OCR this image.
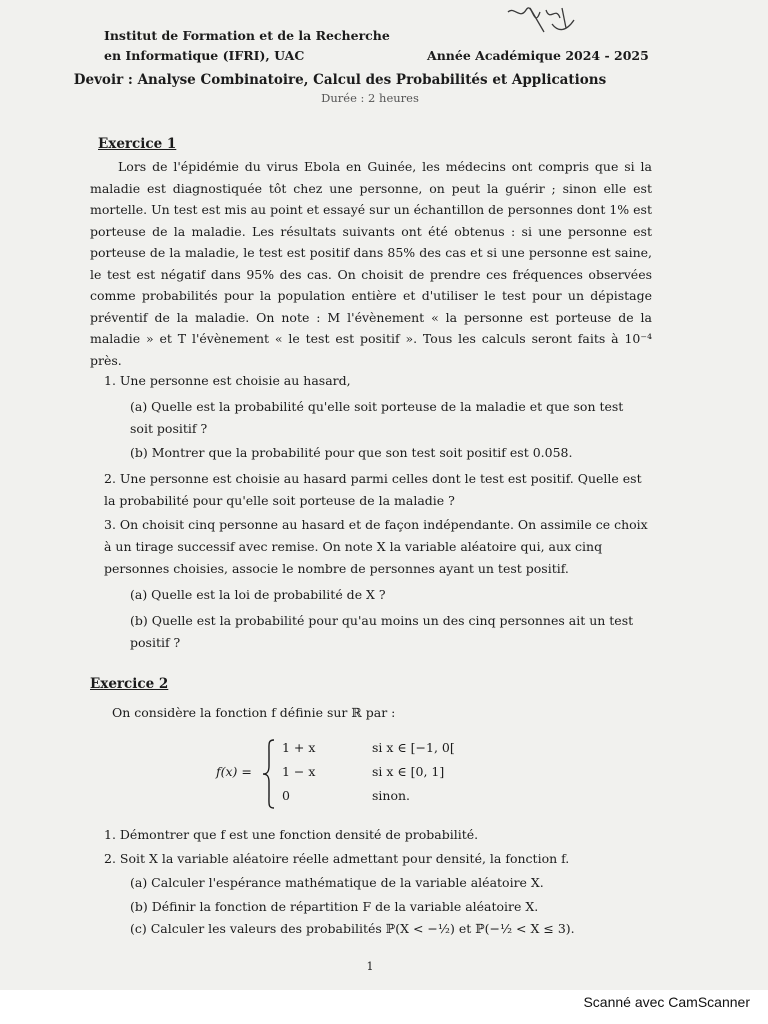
Institut de Formation et de la Recherche
en Informatique (IFRI), UAC	Année Académique 2024 - 2025
Devoir : Analyse Combinatoire, Calcul des Probabilités et Applications
Durée : 2 heures
Exercice 1
Lors de l'épidémie du virus Ebola en Guinée, les médecins ont compris que si la maladie est diagnostiquée tôt chez une personne, on peut la guérir ; sinon elle est mortelle. Un test est mis au point et essayé sur un échantillon de personnes dont 1% est porteuse de la maladie. Les résultats suivants ont été obtenus : si une personne est porteuse de la maladie, le test est positif dans 85% des cas et si une personne est saine, le test est négatif dans 95% des cas. On choisit de prendre ces fréquences observées comme probabilités pour la population entière et d'utiliser le test pour un dépistage préventif de la maladie. On note : M l'évènement « la personne est porteuse de la maladie » et T l'évènement « le test est positif ». Tous les calculs seront faits à 10⁻⁴ près.
1. Une personne est choisie au hasard,
(a) Quelle est la probabilité qu'elle soit porteuse de la maladie et que son test soit positif ?
(b) Montrer que la probabilité pour que son test soit positif est 0.058.
2. Une personne est choisie au hasard parmi celles dont le test est positif. Quelle est la probabilité pour qu'elle soit porteuse de la maladie ?
3. On choisit cinq personne au hasard et de façon indépendante. On assimile ce choix à un tirage successif avec remise. On note X la variable aléatoire qui, aux cinq personnes choisies, associe le nombre de personnes ayant un test positif.
(a) Quelle est la loi de probabilité de X ?
(b) Quelle est la probabilité pour qu'au moins un des cinq personnes ait un test positif ?
Exercice 2
On considère la fonction f définie sur ℝ par :
f(x) =
1 + x	si x ∈ [−1, 0[
1 − x	si x ∈ [0, 1]
0	sinon.
1. Démontrer que f est une fonction densité de probabilité.
2. Soit X la variable aléatoire réelle admettant pour densité, la fonction f.
(a) Calculer l'espérance mathématique de la variable aléatoire X.
(b) Définir la fonction de répartition F de la variable aléatoire X.
(c) Calculer les valeurs des probabilités ℙ(X < −½) et ℙ(−½ < X ≤ 3).
1
Scanné avec CamScanner
